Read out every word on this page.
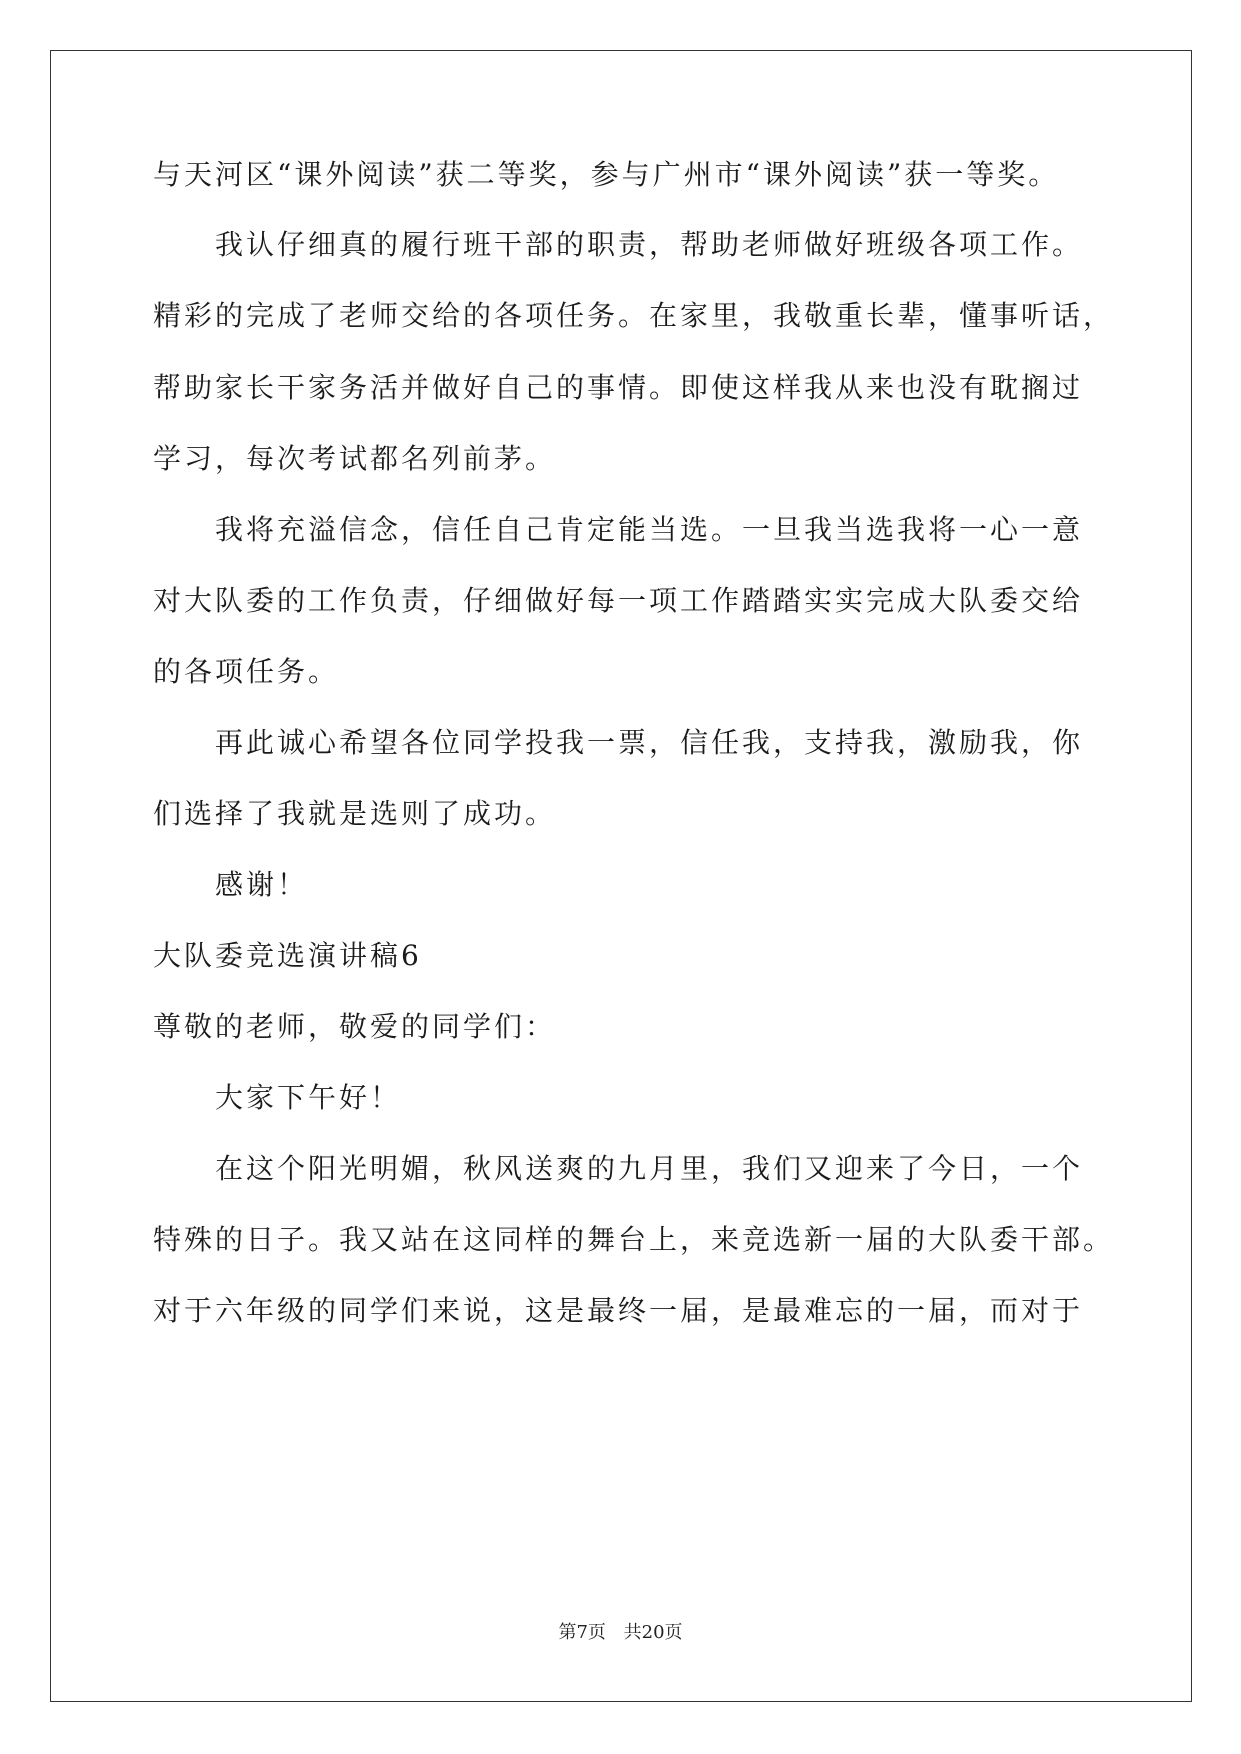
与天河区“课外阅读”获二等奖，参与广州市“课外阅读”获一等奖。
我认仔细真的履行班干部的职责，帮助老师做好班级各项工作。
精彩的完成了老师交给的各项任务。在家里，我敬重长辈，懂事听话，
帮助家长干家务活并做好自己的事情。即使这样我从来也没有耽搁过
学习，每次考试都名列前茅。
我将充溢信念，信任自己肯定能当选。一旦我当选我将一心一意
对大队委的工作负责，仔细做好每一项工作踏踏实实完成大队委交给
的各项任务。
再此诚心希望各位同学投我一票，信任我，支持我，激励我，你
们选择了我就是选则了成功。
感谢！
大队委竞选演讲稿6
尊敬的老师，敬爱的同学们：
大家下午好！
在这个阳光明媚，秋风送爽的九月里，我们又迎来了今日，一个
特殊的日子。我又站在这同样的舞台上，来竞选新一届的大队委干部。
对于六年级的同学们来说，这是最终一届，是最难忘的一届，而对于
第7页 共20页
